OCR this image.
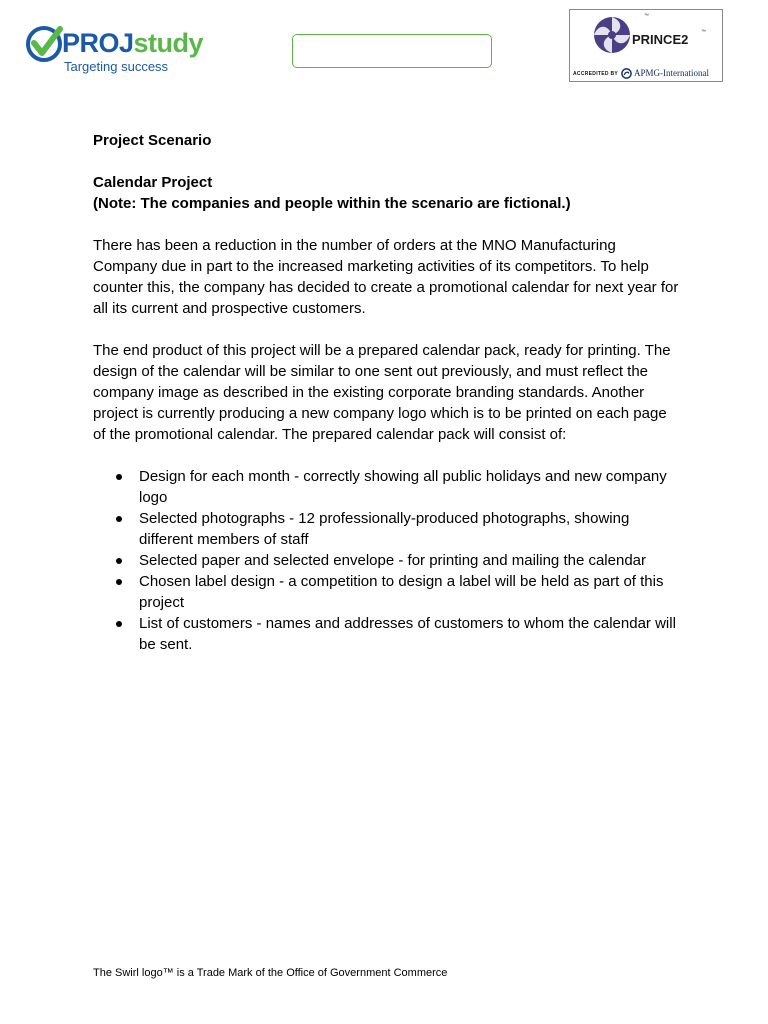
PROJstudy
Targeting success
™
PRINCE2	™
ACCREDITED BY APMG-International

Project Scenario

Calendar Project

(Note: The companies and people within the scenario are fictional.)

There has been a reduction in the number of orders at the MNO Manufacturing Company due in part to the increased marketing activities of its competitors. To help counter this, the company has decided to create a promotional calendar for next year for all its current and prospective customers.

The end product of this project will be a prepared calendar pack, ready for printing. The design of the calendar will be similar to one sent out previously, and must reflect the company image as described in the existing corporate branding standards. Another project is currently producing a new company logo which is to be printed on each page of the promotional calendar. The prepared calendar pack will consist of:

Design for each month - correctly showing all public holidays and new company logo
Selected photographs - 12 professionally-produced photographs, showing different members of staff
Selected paper and selected envelope - for printing and mailing the calendar
Chosen label design - a competition to design a label will be held as part of this project
List of customers - names and addresses of customers to whom the calendar will be sent.
The Swirl logo™ is a Trade Mark of the Office of Government Commerce
